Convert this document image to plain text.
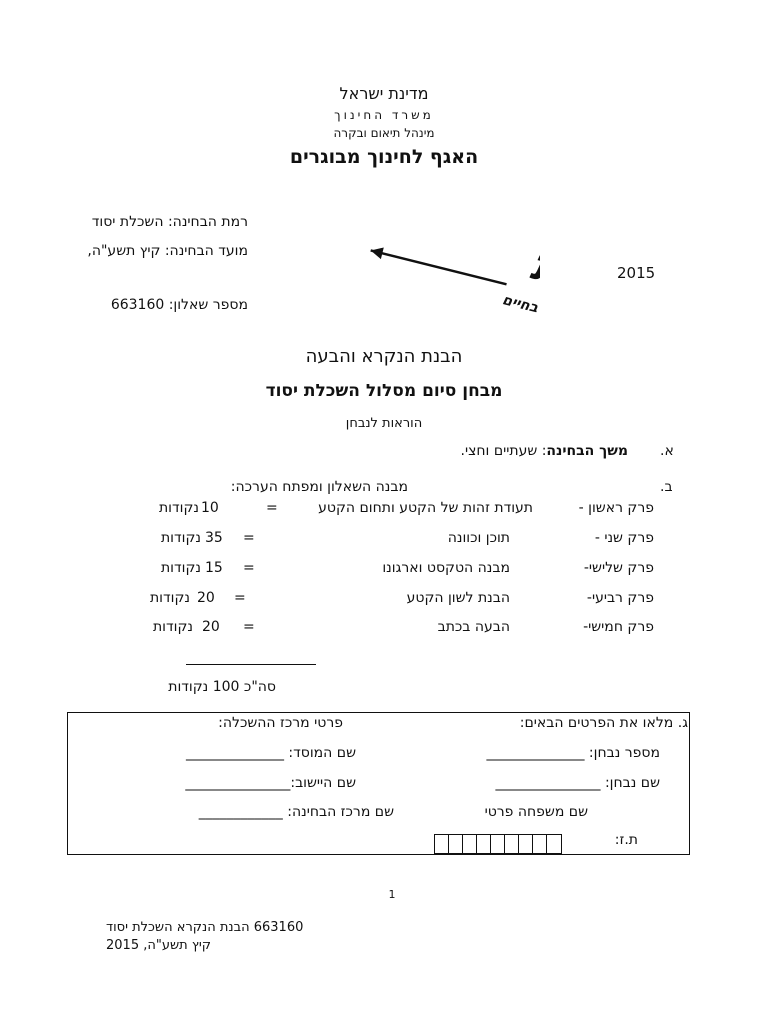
מדינת ישראל
משרד החינוך
מינהל תיאום ובקרה
האגף לחינוך מבוגרים
רמת הבחינה: השכלת יסוד
מועד הבחינה: קיץ תשע"ה,
מספר שאלון: 663160
2015
תיכונית
בחיים
הבנת הנקרא והבעה
מבחן סיום מסלול השכלת יסוד
הוראות לנבחן
א.
משך הבחינה: שעתיים וחצי.
ב.
מבנה השאלון ומפתח הערכה:
פרק ראשון -
תעודת זהות של הקטע ותחום הקטע
=
10
נקודות
פרק שני -
תוכן וכוונה
=
35
נקודות
פרק שלישי-
מבנה הטקסט וארגונו
=
15
נקודות
פרק רביעי-
הבנת לשון הקטע
=
20
נקודות
פרק חמישי-
הבעה בכתב
=
20
נקודות
סה"כ 100 נקודות
ג. מלאו את הפרטים הבאים:
פרטי מרכז ההשכלה:
מספר נבחן: ______________
שם המוסד: ______________
שם נבחן: _______________
שם היישוב:_______________
שם משפחה פרטי
שם מרכז הבחינה: ____________
ת.ז:
1
663160 הבנת הנקרא השכלת יסוד
קיץ תשע"ה, 2015
